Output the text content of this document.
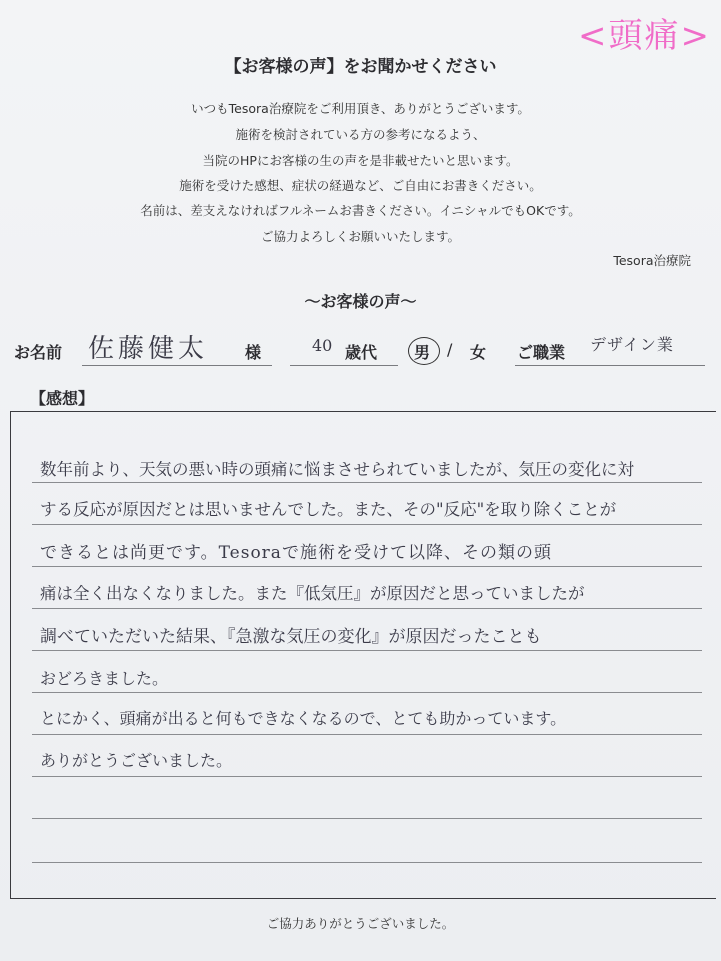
<頭痛>
【お客様の声】をお聞かせください
いつもTesora治療院をご利用頂き、ありがとうございます。
施術を検討されている方の参考になるよう、
当院のHPにお客様の生の声を是非載せたいと思います。
施術を受けた感想、症状の経過など、ご自由にお書きください。
名前は、差支えなければフルネームお書きください。イニシャルでもOKです。
ご協力よろしくお願いいたします。
Tesora治療院
～お客様の声～
お名前 佐藤健太 様	40 歳代 男 / 女 ご職業 デザイン業
【感想】
数年前より、天気の悪い時の頭痛に悩まさせられていましたが、気圧の変化に対
する反応が原因だとは思いませんでした。また、その"反応"を取り除くことが
できるとは尚更です。Tesoraで施術を受けて以降、その類の頭
痛は全く出なくなりました。また『低気圧』が原因だと思っていましたが
調べていただいた結果、『急激な気圧の変化』が原因だったことも
おどろきました。
とにかく、頭痛が出ると何もできなくなるので、とても助かっています。
ありがとうございました。
ご協力ありがとうございました。
